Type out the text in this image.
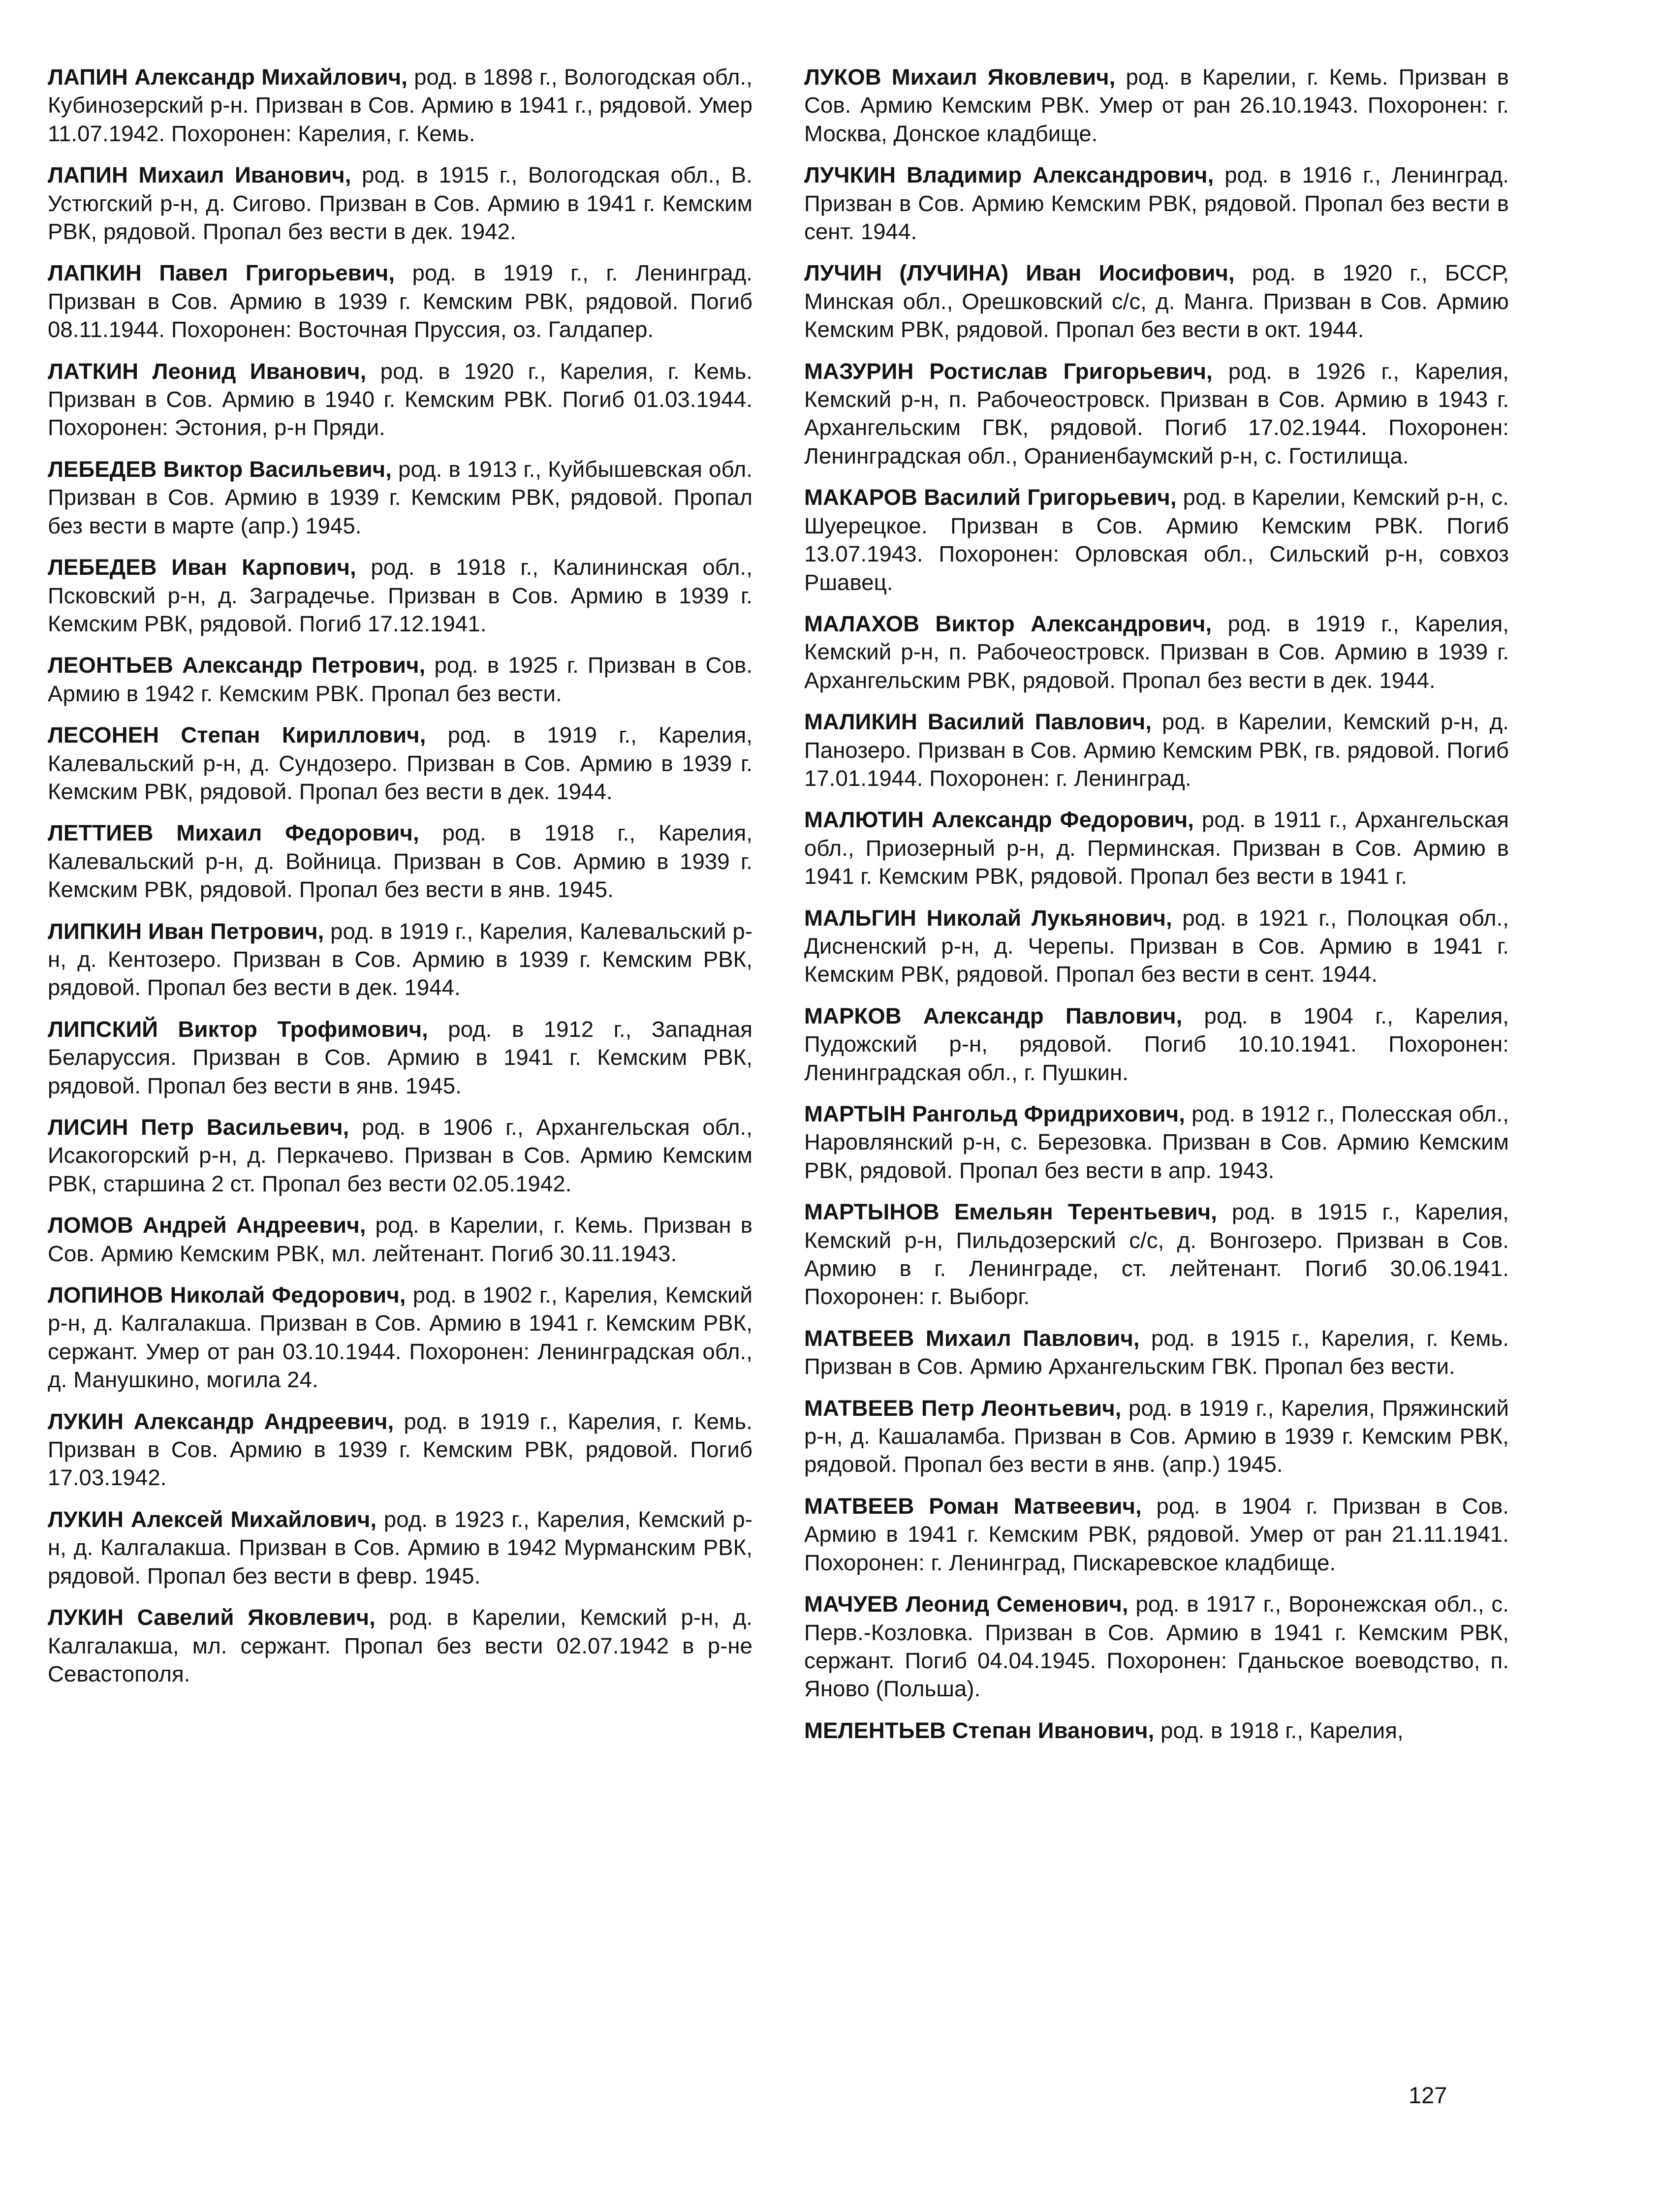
ЛАПИН Александр Михайлович, род. в 1898 г., Вологодская обл., Кубинозерский р-н. Призван в Сов. Армию в 1941 г., рядовой. Умер 11.07.1942. Похоронен: Карелия, г. Кемь.

ЛАПИН Михаил Иванович, род. в 1915 г., Вологодская обл., В. Устюгский р-н, д. Сигово. Призван в Сов. Армию в 1941 г. Кемским РВК, рядовой. Пропал без вести в дек. 1942.

ЛАПКИН Павел Григорьевич, род. в 1919 г., г. Ленинград. Призван в Сов. Армию в 1939 г. Кемским РВК, рядовой. Погиб 08.11.1944. Похоронен: Восточная Пруссия, оз. Галдапер.

ЛАТКИН Леонид Иванович, род. в 1920 г., Карелия, г. Кемь. Призван в Сов. Армию в 1940 г. Кемским РВК. Погиб 01.03.1944. Похоронен: Эстония, р-н Пряди.

ЛЕБЕДЕВ Виктор Васильевич, род. в 1913 г., Куйбышевская обл. Призван в Сов. Армию в 1939 г. Кемским РВК, рядовой. Пропал без вести в марте (апр.) 1945.

ЛЕБЕДЕВ Иван Карпович, род. в 1918 г., Калининская обл., Псковский р-н, д. Заградечье. Призван в Сов. Армию в 1939 г. Кемским РВК, рядовой. Погиб 17.12.1941.

ЛЕОНТЬЕВ Александр Петрович, род. в 1925 г. Призван в Сов. Армию в 1942 г. Кемским РВК. Пропал без вести.

ЛЕСОНЕН Степан Кириллович, род. в 1919 г., Карелия, Калевальский р-н, д. Сундозеро. Призван в Сов. Армию в 1939 г. Кемским РВК, рядовой. Пропал без вести в дек. 1944.

ЛЕТТИЕВ Михаил Федорович, род. в 1918 г., Карелия, Калевальский р-н, д. Войница. Призван в Сов. Армию в 1939 г. Кемским РВК, рядовой. Пропал без вести в янв. 1945.

ЛИПКИН Иван Петрович, род. в 1919 г., Карелия, Калевальский р-н, д. Кентозеро. Призван в Сов. Армию в 1939 г. Кемским РВК, рядовой. Пропал без вести в дек. 1944.

ЛИПСКИЙ Виктор Трофимович, род. в 1912 г., Западная Беларуссия. Призван в Сов. Армию в 1941 г. Кемским РВК, рядовой. Пропал без вести в янв. 1945.

ЛИСИН Петр Васильевич, род. в 1906 г., Архангельская обл., Исакогорский р-н, д. Перкачево. Призван в Сов. Армию Кемским РВК, старшина 2 ст. Пропал без вести 02.05.1942.

ЛОМОВ Андрей Андреевич, род. в Карелии, г. Кемь. Призван в Сов. Армию Кемским РВК, мл. лейтенант. Погиб 30.11.1943.

ЛОПИНОВ Николай Федорович, род. в 1902 г., Карелия, Кемский р-н, д. Калгалакша. Призван в Сов. Армию в 1941 г. Кемским РВК, сержант. Умер от ран 03.10.1944. Похоронен: Ленинградская обл., д. Манушкино, могила 24.

ЛУКИН Александр Андреевич, род. в 1919 г., Карелия, г. Кемь. Призван в Сов. Армию в 1939 г. Кемским РВК, рядовой. Погиб 17.03.1942.

ЛУКИН Алексей Михайлович, род. в 1923 г., Карелия, Кемский р-н, д. Калгалакша. Призван в Сов. Армию в 1942 Мурманским РВК, рядовой. Пропал без вести в февр. 1945.

ЛУКИН Савелий Яковлевич, род. в Карелии, Кемский р-н, д. Калгалакша, мл. сержант. Пропал без вести 02.07.1942 в р-не Севастополя.

ЛУКОВ Михаил Яковлевич, род. в Карелии, г. Кемь. Призван в Сов. Армию Кемским РВК. Умер от ран 26.10.1943. Похоронен: г. Москва, Донское кладбище.

ЛУЧКИН Владимир Александрович, род. в 1916 г., Ленинград. Призван в Сов. Армию Кемским РВК, рядовой. Пропал без вести в сент. 1944.

ЛУЧИН (ЛУЧИНА) Иван Иосифович, род. в 1920 г., БССР, Минская обл., Орешковский с/с, д. Манга. Призван в Сов. Армию Кемским РВК, рядовой. Пропал без вести в окт. 1944.

МАЗУРИН Ростислав Григорьевич, род. в 1926 г., Карелия, Кемский р-н, п. Рабочеостровск. Призван в Сов. Армию в 1943 г. Архангельским ГВК, рядовой. Погиб 17.02.1944. Похоронен: Ленинградская обл., Ораниенбаумский р-н, с. Гостилища.

МАКАРОВ Василий Григорьевич, род. в Карелии, Кемский р-н, с. Шуерецкое. Призван в Сов. Армию Кемским РВК. Погиб 13.07.1943. Похоронен: Орловская обл., Сильский р-н, совхоз Ршавец.

МАЛАХОВ Виктор Александрович, род. в 1919 г., Карелия, Кемский р-н, п. Рабочеостровск. Призван в Сов. Армию в 1939 г. Архангельским РВК, рядовой. Пропал без вести в дек. 1944.

МАЛИКИН Василий Павлович, род. в Карелии, Кемский р-н, д. Панозеро. Призван в Сов. Армию Кемским РВК, гв. рядовой. Погиб 17.01.1944. Похоронен: г. Ленинград.

МАЛЮТИН Александр Федорович, род. в 1911 г., Архангельская обл., Приозерный р-н, д. Перминская. Призван в Сов. Армию в 1941 г. Кемским РВК, рядовой. Пропал без вести в 1941 г.

МАЛЬГИН Николай Лукьянович, род. в 1921 г., Полоцкая обл., Дисненский р-н, д. Черепы. Призван в Сов. Армию в 1941 г. Кемским РВК, рядовой. Пропал без вести в сент. 1944.

МАРКОВ Александр Павлович, род. в 1904 г., Карелия, Пудожский р-н, рядовой. Погиб 10.10.1941. Похоронен: Ленинградская обл., г. Пушкин.

МАРТЫН Рангольд Фридрихович, род. в 1912 г., Полесская обл., Наровлянский р-н, с. Березовка. Призван в Сов. Армию Кемским РВК, рядовой. Пропал без вести в апр. 1943.

МАРТЫНОВ Емельян Терентьевич, род. в 1915 г., Карелия, Кемский р-н, Пильдозерский с/с, д. Вонгозеро. Призван в Сов. Армию в г. Ленинграде, ст. лейтенант. Погиб 30.06.1941. Похоронен: г. Выборг.

МАТВЕЕВ Михаил Павлович, род. в 1915 г., Карелия, г. Кемь. Призван в Сов. Армию Архангельским ГВК. Пропал без вести.

МАТВЕЕВ Петр Леонтьевич, род. в 1919 г., Карелия, Пряжинский р-н, д. Кашаламба. Призван в Сов. Армию в 1939 г. Кемским РВК, рядовой. Пропал без вести в янв. (апр.) 1945.

МАТВЕЕВ Роман Матвеевич, род. в 1904 г. Призван в Сов. Армию в 1941 г. Кемским РВК, рядовой. Умер от ран 21.11.1941. Похоронен: г. Ленинград, Пискаревское кладбище.

МАЧУЕВ Леонид Семенович, род. в 1917 г., Воронежская обл., с. Перв.-Козловка. Призван в Сов. Армию в 1941 г. Кемским РВК, сержант. Погиб 04.04.1945. Похоронен: Гданьское воеводство, п. Яново (Польша).

МЕЛЕНТЬЕВ Степан Иванович, род. в 1918 г., Карелия,

127
